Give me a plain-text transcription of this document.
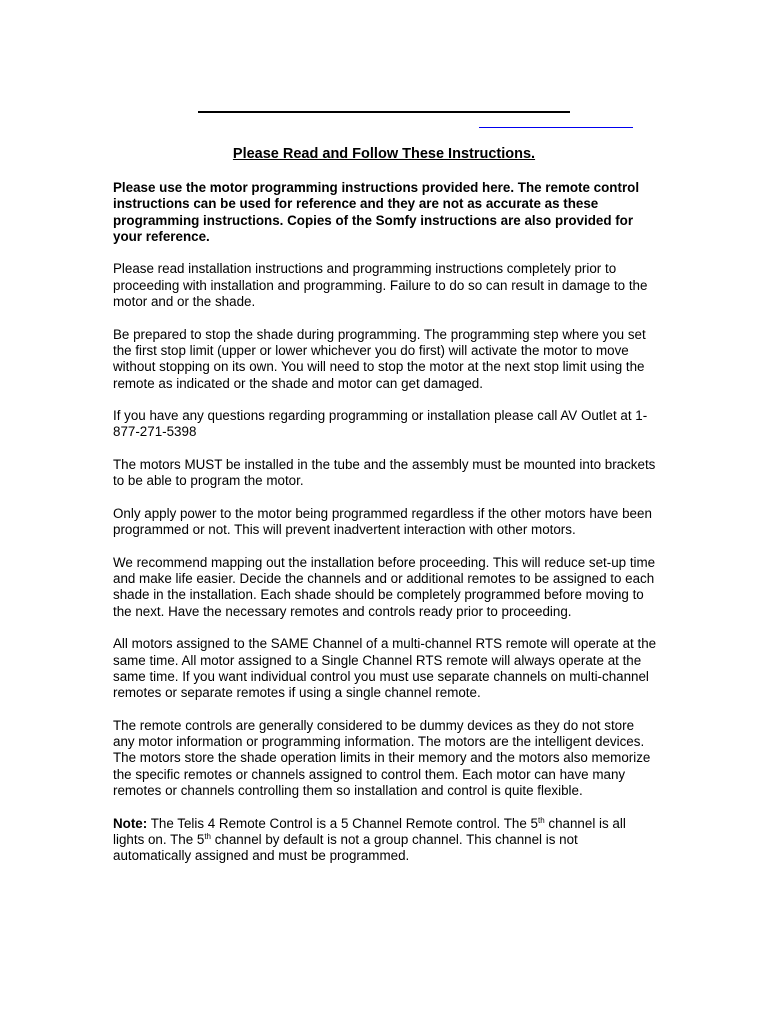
Please Read and Follow These Instructions.

Please use the motor programming instructions provided here. The remote control instructions can be used for reference and they are not as accurate as these programming instructions. Copies of the Somfy instructions are also provided for your reference.

Please read installation instructions and programming instructions completely prior to proceeding with installation and programming. Failure to do so can result in damage to the motor and or the shade.

Be prepared to stop the shade during programming. The programming step where you set the first stop limit (upper or lower whichever you do first) will activate the motor to move without stopping on its own. You will need to stop the motor at the next stop limit using the remote as indicated or the shade and motor can get damaged.

If you have any questions regarding programming or installation please call AV Outlet at 1-877-271-5398

The motors MUST be installed in the tube and the assembly must be mounted into brackets to be able to program the motor.

Only apply power to the motor being programmed regardless if the other motors have been programmed or not. This will prevent inadvertent interaction with other motors.

We recommend mapping out the installation before proceeding. This will reduce set-up time and make life easier. Decide the channels and or additional remotes to be assigned to each shade in the installation. Each shade should be completely programmed before moving to the next. Have the necessary remotes and controls ready prior to proceeding.

All motors assigned to the SAME Channel of a multi-channel RTS remote will operate at the same time. All motor assigned to a Single Channel RTS remote will always operate at the same time. If you want individual control you must use separate channels on multi-channel remotes or separate remotes if using a single channel remote.

The remote controls are generally considered to be dummy devices as they do not store any motor information or programming information. The motors are the intelligent devices. The motors store the shade operation limits in their memory and the motors also memorize the specific remotes or channels assigned to control them. Each motor can have many remotes or channels controlling them so installation and control is quite flexible.

Note: The Telis 4 Remote Control is a 5 Channel Remote control. The 5th channel is all lights on. The 5th channel by default is not a group channel. This channel is not automatically assigned and must be programmed.
